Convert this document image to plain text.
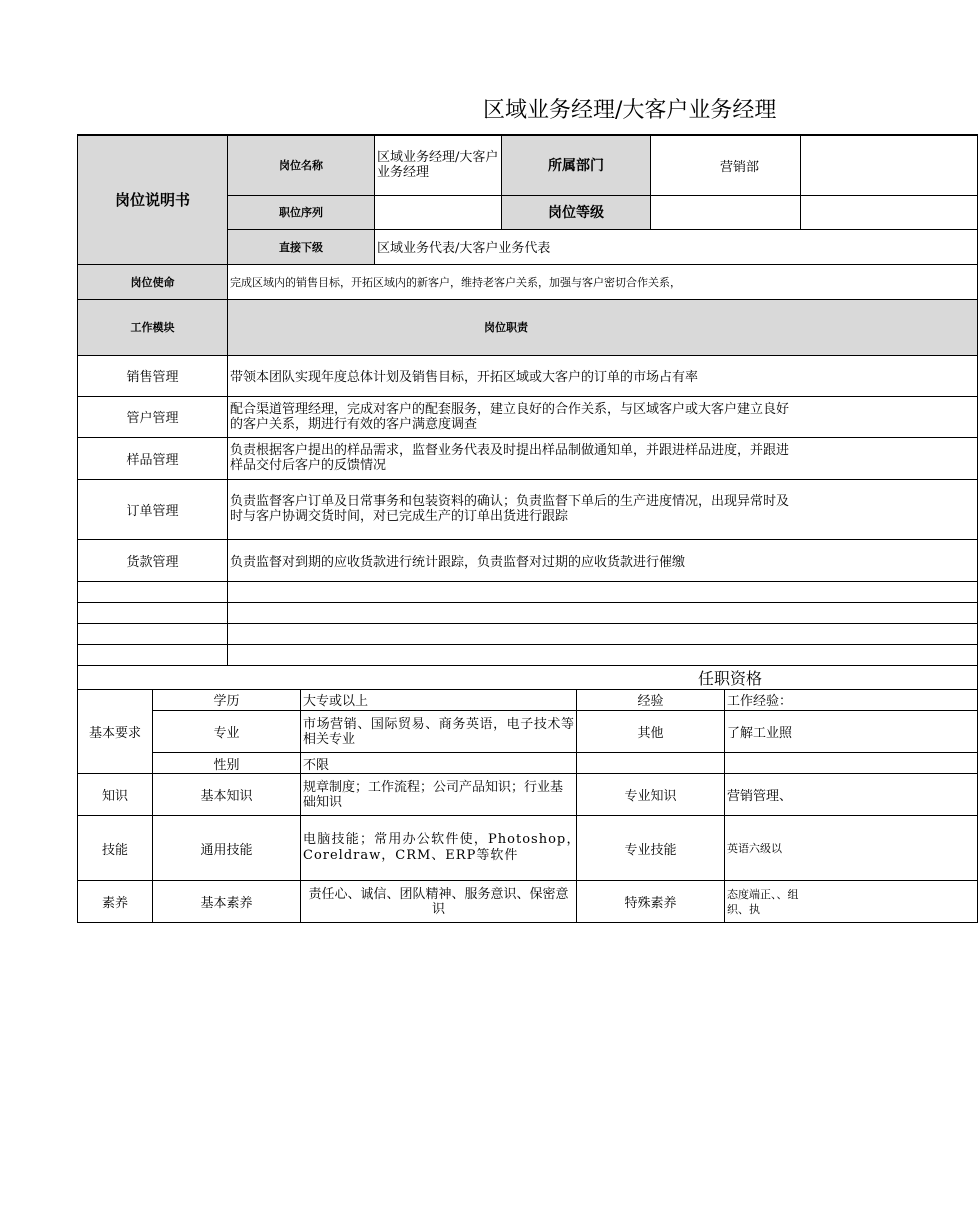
区域业务经理/大客户业务经理
岗位说明书	岗位名称	区域业务经理/大客户业务经理	所属部门	营销部	
	职位序列		岗位等级		
	直接下级	区域业务代表/大客户业务代表			
岗位使命	完成区域内的销售目标，开拓区域内的新客户，维持老客户关系，加强与客户密切合作关系，				
工作模块	岗位职责				
销售管理	带领本团队实现年度总体计划及销售目标，开拓区域或大客户的订单的市场占有率				
管户管理	配合渠道管理经理，完成对客户的配套服务，建立良好的合作关系，与区域客户或大客户建立良好的客户关系，期进行有效的客户满意度调查				

样品管理	负责根据客户提出的样品需求，监督业务代表及时提出样品制做通知单，并跟进样品进度，并跟进样品交付后客户的反馈情况				

订单管理	负责监督客户订单及日常事务和包装资料的确认；负责监督下单后的生产进度情况，出现异常时及时与客户协调交货时间，对已完成生产的订单出货进行跟踪				

货款管理	负责监督对到期的应收货款进行统计跟踪，负责监督对过期的应收货款进行催缴				

任职资格					
基本要求	学历	大专或以上	经验	工作经验：
	专业	市场营销、国际贸易、商务英语，电子技术等相关专业	其他	了解工业照
	性别	不限		
知识	基本知识	规章制度；工作流程；公司产品知识；行业基础知识	专业知识	营销管理、
技能	通用技能	电脑技能；常用办公软件使，Photoshop，　Coreldraw，CRM、ERP等软件	专业技能	英语六级以
素养	基本素养	责任心、诚信、团队精神、服务意识、保密意识	特殊素养	态度端正、、组织、执
